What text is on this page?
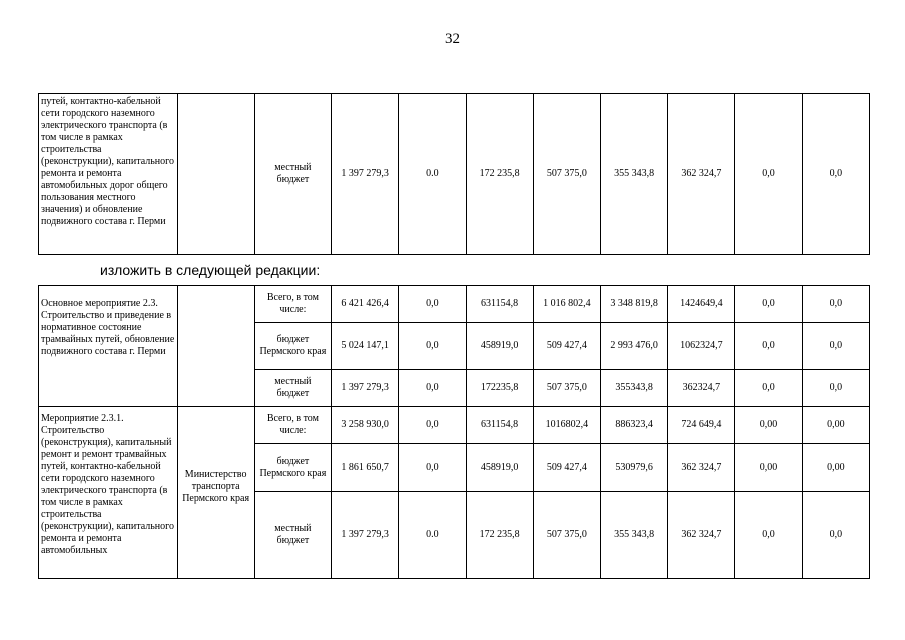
32
путей, контактно-кабельной сети городского наземного электрического транспорта (в том числе в рамках строительства (реконструкции), капитального ремонта и ремонта автомобильных дорог общего пользования местного значения) и обновление подвижного состава г. Перми		местный бюджет	1 397 279,3	0.0	172 235,8	507 375,0	355 343,8	362 324,7	0,0	0,0
изложить в следующей редакции:
Основное мероприятие 2.3. Строительство и приведение в нормативное состояние трамвайных путей, обновление подвижного состава г. Перми		Всего, в том числе:	6 421 426,4	0,0	631154,8	1 016 802,4	3 348 819,8	1424649,4	0,0	0,0
		бюджет Пермского края	5 024 147,1	0,0	458919,0	509 427,4	2 993 476,0	1062324,7	0,0	0,0
		местный бюджет	1 397 279,3	0,0	172235,8	507 375,0	355343,8	362324,7	0,0	0,0
Мероприятие 2.3.1. Строительство (реконструкция), капитальный ремонт и ремонт трамвайных путей, контактно-кабельной сети городского наземного электрического транспорта (в том числе в рамках строительства (реконструкции), капитального ремонта и ремонта автомобильных	Министерство транспорта Пермского края	Всего, в том числе:	3 258 930,0	0,0	631154,8	1016802,4	886323,4	724 649,4	0,00	0,00
		бюджет Пермского края	1 861 650,7	0,0	458919,0	509 427,4	530979,6	362 324,7	0,00	0,00
		местный бюджет	1 397 279,3	0.0	172 235,8	507 375,0	355 343,8	362 324,7	0,0	0,0
